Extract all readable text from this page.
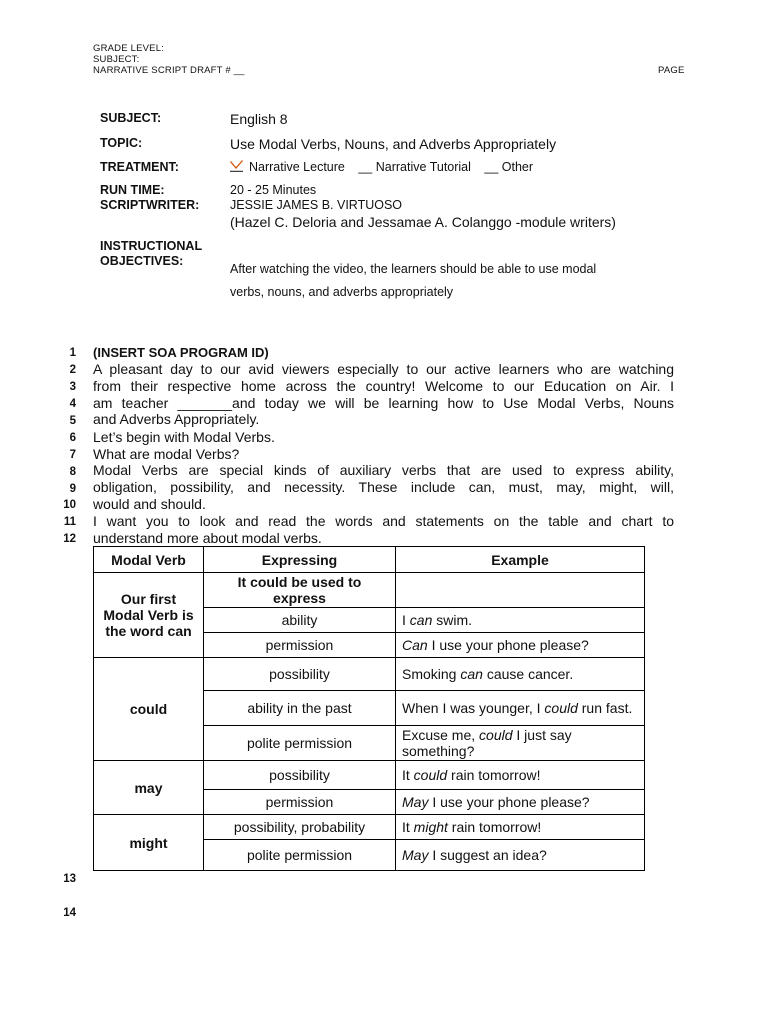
GRADE LEVEL:
SUBJECT:
NARRATIVE SCRIPT DRAFT # __	PAGE
SUBJECT:	English 8
TOPIC:	Use Modal Verbs, Nouns, and Adverbs Appropriately
TREATMENT:	Narrative Lecture __ Narrative Tutorial __ Other
RUN TIME:	20 - 25 Minutes
SCRIPTWRITER: JESSIE JAMES B. VIRTUOSO
(Hazel C. Deloria and Jessamae A. Colanggo -module writers)
INSTRUCTIONAL
OBJECTIVES:
After watching the video, the learners should be able to use modal
verbs, nouns, and adverbs appropriately
1 (INSERT SOA PROGRAM ID)
2 A pleasant day to our avid viewers especially to our active learners who are watching
3 from their respective home across the country! Welcome to our Education on Air. I
4 am teacher _______and today we will be learning how to Use Modal Verbs, Nouns
5 and Adverbs Appropriately.
6 Let’s begin with Modal Verbs.
7 What are modal Verbs?
8 Modal Verbs are special kinds of auxiliary verbs that are used to express ability,
9 obligation, possibility, and necessity. These include can, must, may, might, will,
10 would and should.
11 I want you to look and read the words and statements on the table and chart to
12 understand more about modal verbs.
13
14
Modal Verb	Expressing	Example
Our first Modal Verb is the word can	It could be used to express	
	ability	I can swim.
	permission	Can I use your phone please?
could	possibility	Smoking can cause cancer.
	ability in the past	When I was younger, I could run fast.
	polite permission	Excuse me, could I just say something?
may	possibility	It could rain tomorrow!
	permission	May I use your phone please?
might	possibility, probability	It might rain tomorrow!
	polite permission	May I suggest an idea?
